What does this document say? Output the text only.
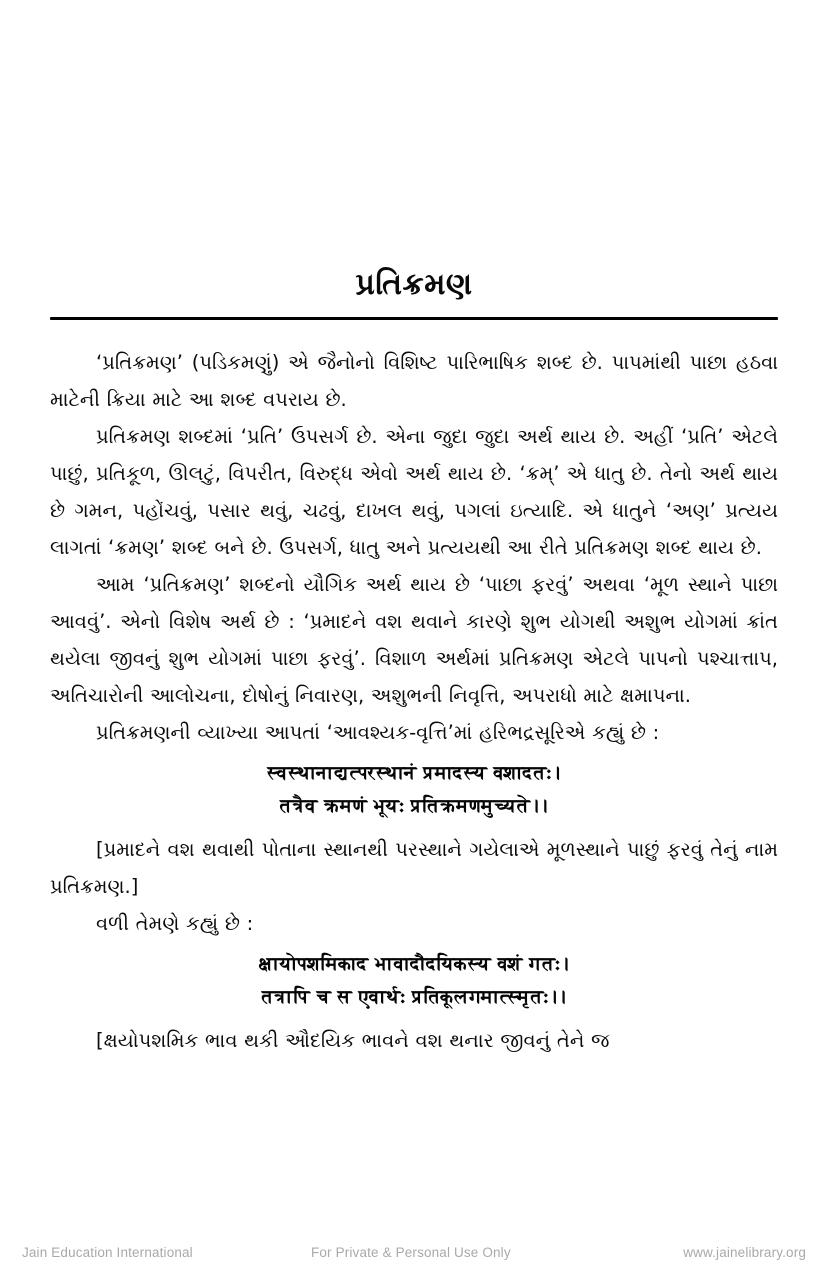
પ્રતિક્રમણ

‘પ્રતિક્રમણ’ (પડિકમણું) એ જૈનોનો વિશિષ્ટ પારિભાષિક શબ્દ છે. પાપમાંથી પાછા હઠવા માટેની ક્રિયા માટે આ શબ્દ વપરાય છે.

પ્રતિક્રમણ શબ્દમાં ‘પ્રતિ’ ઉપસર્ગ છે. એના જુદા જુદા અર્થ થાય છે. અહીં ‘પ્રતિ’ એટલે પાછું, પ્રતિકૂળ, ઊલટું, વિપરીત, વિરુદ્ધ એવો અર્થ થાય છે. ‘ક્રમ્’ એ ધાતુ છે. તેનો અર્થ થાય છે ગમન, પહોંચવું, પસાર થવું, ચઢવું, દાખલ થવું, પગલાં ઇત્યાદિ. એ ધાતુને ‘અણ’ પ્રત્યય લાગતાં ‘ક્રમણ’ શબ્દ બને છે. ઉપસર્ગ, ધાતુ અને પ્રત્યયથી આ રીતે પ્રતિક્રમણ શબ્દ થાય છે.

આમ ‘પ્રતિક્રમણ’ શબ્દનો યૌગિક અર્થ થાય છે ‘પાછા ફરવું’ અથવા ‘મૂળ સ્થાને પાછા આવવું’. એનો વિશેષ અર્થ છે : ‘પ્રમાદને વશ થવાને કારણે શુભ યોગથી અશુભ યોગમાં ક્રાંત થયેલા જીવનું શુભ યોગમાં પાછા ફરવું’. વિશાળ અર્થમાં પ્રતિક્રમણ એટલે પાપનો પશ્ચાત્તાપ, અતિચારોની આલોચના, દોષોનું નિવારણ, અશુભની નિવૃત્તિ, અપરાધો માટે ક્ષમાપના.

પ્રતિક્રમણની વ્યાખ્યા આપતાં ‘આવશ્યક-વૃત્તિ’માં હરિભદ્રસૂરિએ કહ્યું છે :

स्वस्थानाद्यत्परस्थानं प्रमादस्य वशादतः।
तत्रैव क्रमणं भूयः प्रतिक्रमणमुच्यते।।

[પ્રમાદને વશ થવાથી પોતાના સ્થાનથી પરસ્થાને ગયેલાએ મૂળસ્થાને પાછું ફરવું તેનું નામ પ્રતિક્રમણ.]

વળી તેમણે કહ્યું છે :

क्षायोपशमिकाद भावादौदयिकस्य वशं गतः।
तत्रापि च स एवार्थः प्रतिकूलगमात्स्मृतः।।

[ક્ષયોપશમિક ભાવ થકી ઔદયિક ભાવને વશ થનાર જીવનું તેને જ

Jain Education International	For Private & Personal Use Only	www.jainelibrary.org
